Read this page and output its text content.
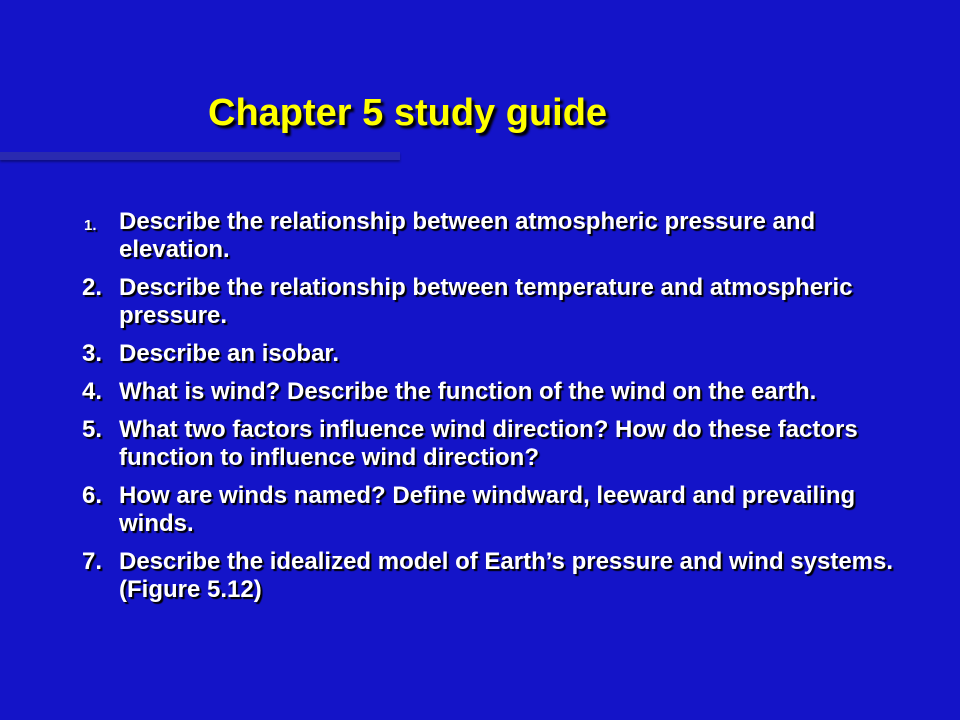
Chapter 5 study guide
1. Describe the relationship between atmospheric pressure and elevation.
2. Describe the relationship between temperature and atmospheric pressure.
3. Describe an isobar.
4. What is wind? Describe the function of the wind on the earth.
5. What two factors influence wind direction? How do these factors function to influence wind direction?
6. How are winds named? Define windward, leeward and prevailing winds.
7. Describe the idealized model of Earth’s pressure and wind systems. (Figure 5.12)
